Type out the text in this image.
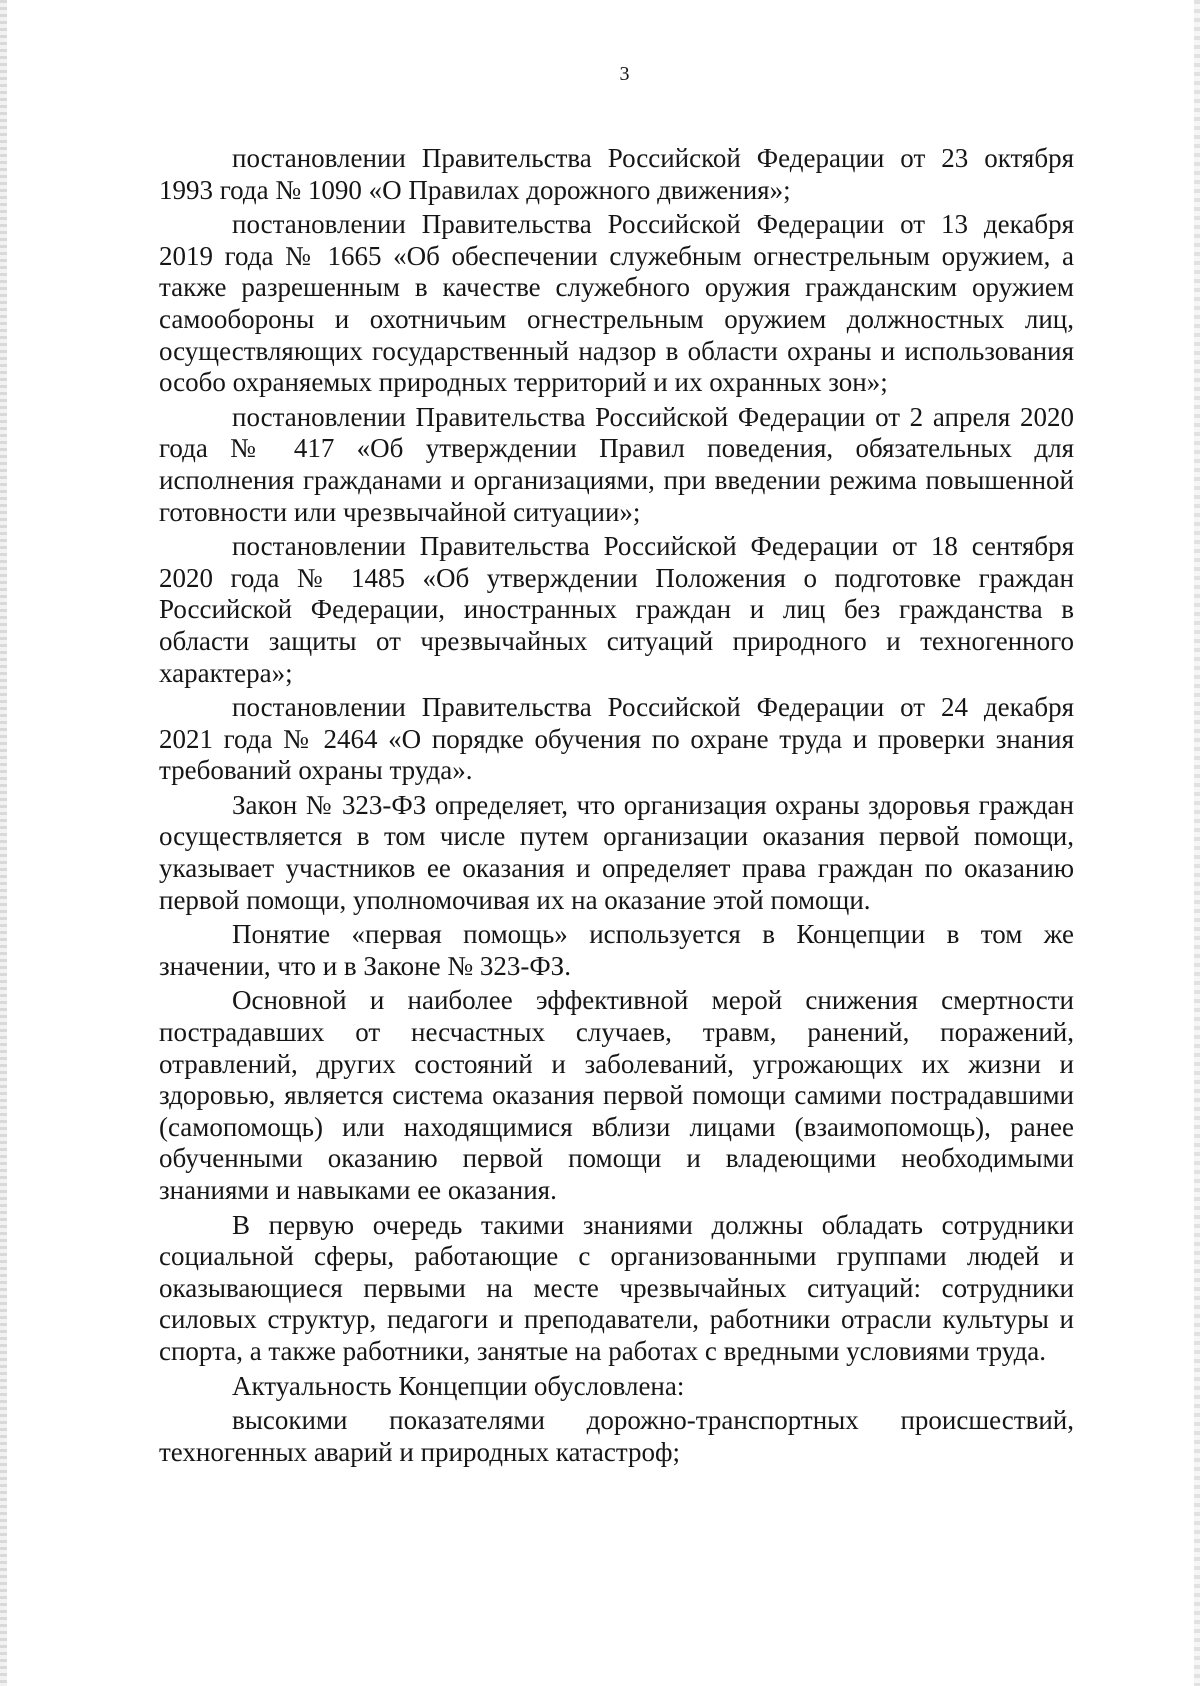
3

постановлении Правительства Российской Федерации от 23 октября 1993 года № 1090 «О Правилах дорожного движения»;

постановлении Правительства Российской Федерации от 13 декабря 2019 года № 1665 «Об обеспечении служебным огнестрельным оружием, а также разрешенным в качестве служебного оружия гражданским оружием самообороны и охотничьим огнестрельным оружием должностных лиц, осуществляющих государственный надзор в области охраны и использования особо охраняемых природных территорий и их охранных зон»;

постановлении Правительства Российской Федерации от 2 апреля 2020 года № 417 «Об утверждении Правил поведения, обязательных для исполнения гражданами и организациями, при введении режима повышенной готовности или чрезвычайной ситуации»;

постановлении Правительства Российской Федерации от 18 сентября 2020 года № 1485 «Об утверждении Положения о подготовке граждан Российской Федерации, иностранных граждан и лиц без гражданства в области защиты от чрезвычайных ситуаций природного и техногенного характера»;

постановлении Правительства Российской Федерации от 24 декабря 2021 года № 2464 «О порядке обучения по охране труда и проверки знания требований охраны труда».

Закон № 323-ФЗ определяет, что организация охраны здоровья граждан осуществляется в том числе путем организации оказания первой помощи, указывает участников ее оказания и определяет права граждан по оказанию первой помощи, уполномочивая их на оказание этой помощи.

Понятие «первая помощь» используется в Концепции в том же значении, что и в Законе № 323-ФЗ.

Основной и наиболее эффективной мерой снижения смертности пострадавших от несчастных случаев, травм, ранений, поражений, отравлений, других состояний и заболеваний, угрожающих их жизни и здоровью, является система оказания первой помощи самими пострадавшими (самопомощь) или находящимися вблизи лицами (взаимопомощь), ранее обученными оказанию первой помощи и владеющими необходимыми знаниями и навыками ее оказания.

В первую очередь такими знаниями должны обладать сотрудники социальной сферы, работающие с организованными группами людей и оказывающиеся первыми на месте чрезвычайных ситуаций: сотрудники силовых структур, педагоги и преподаватели, работники отрасли культуры и спорта, а также работники, занятые на работах с вредными условиями труда.

Актуальность Концепции обусловлена:

высокими показателями дорожно-транспортных происшествий, техногенных аварий и природных катастроф;
